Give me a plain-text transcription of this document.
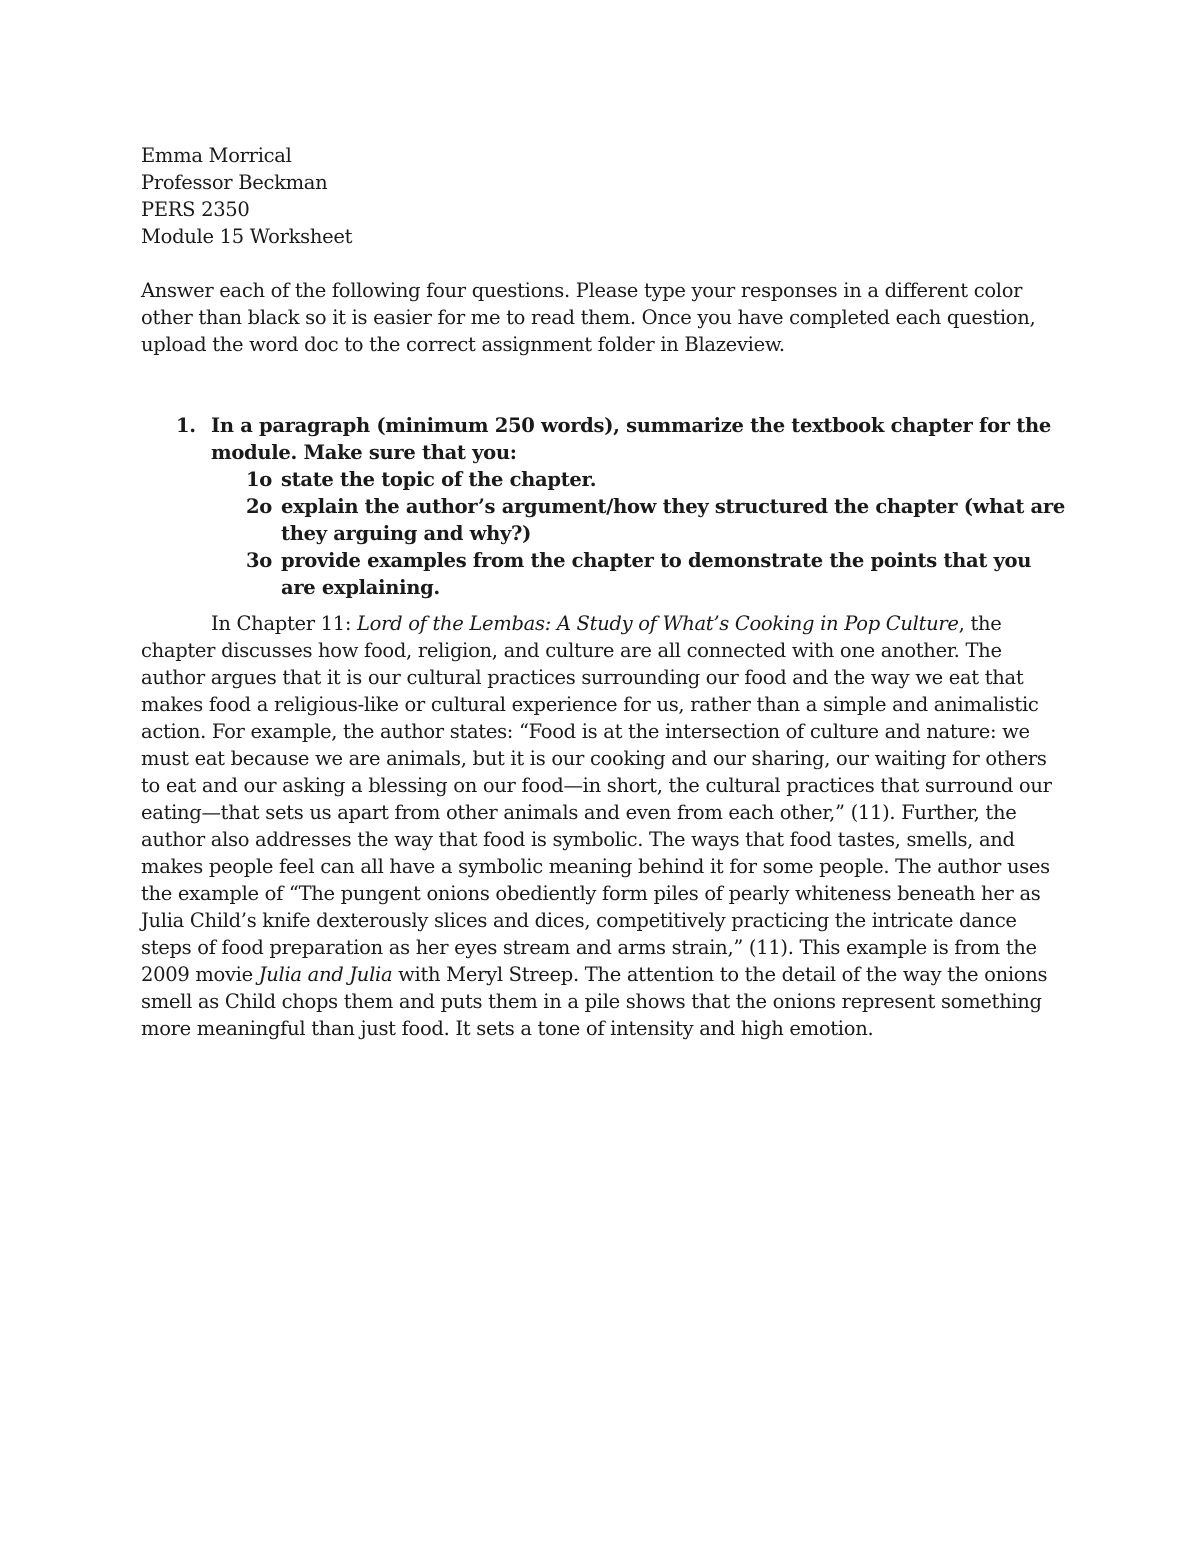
Emma Morrical

Professor Beckman

PERS 2350

Module 15 Worksheet

Answer each of the following four questions. Please type your responses in a different color other than black so it is easier for me to read them. Once you have completed each question, upload the word doc to the correct assignment folder in Blazeview.

1. In a paragraph (minimum 250 words), summarize the textbook chapter for the module. Make sure that you:
1o state the topic of the chapter.
2o explain the author’s argument/how they structured the chapter (what are they arguing and why?)
3o provide examples from the chapter to demonstrate the points that you are explaining.

In Chapter 11: Lord of the Lembas: A Study of What’s Cooking in Pop Culture, the chapter discusses how food, religion, and culture are all connected with one another. The author argues that it is our cultural practices surrounding our food and the way we eat that makes food a religious-like or cultural experience for us, rather than a simple and animalistic action. For example, the author states: “Food is at the intersection of culture and nature: we must eat because we are animals, but it is our cooking and our sharing, our waiting for others to eat and our asking a blessing on our food—in short, the cultural practices that surround our eating—that sets us apart from other animals and even from each other,” (11). Further, the author also addresses the way that food is symbolic. The ways that food tastes, smells, and makes people feel can all have a symbolic meaning behind it for some people. The author uses the example of “The pungent onions obediently form piles of pearly whiteness beneath her as Julia Child’s knife dexterously slices and dices, competitively practicing the intricate dance steps of food preparation as her eyes stream and arms strain,” (11). This example is from the 2009 movie Julia and Julia with Meryl Streep. The attention to the detail of the way the onions smell as Child chops them and puts them in a pile shows that the onions represent something more meaningful than just food. It sets a tone of intensity and high emotion.
